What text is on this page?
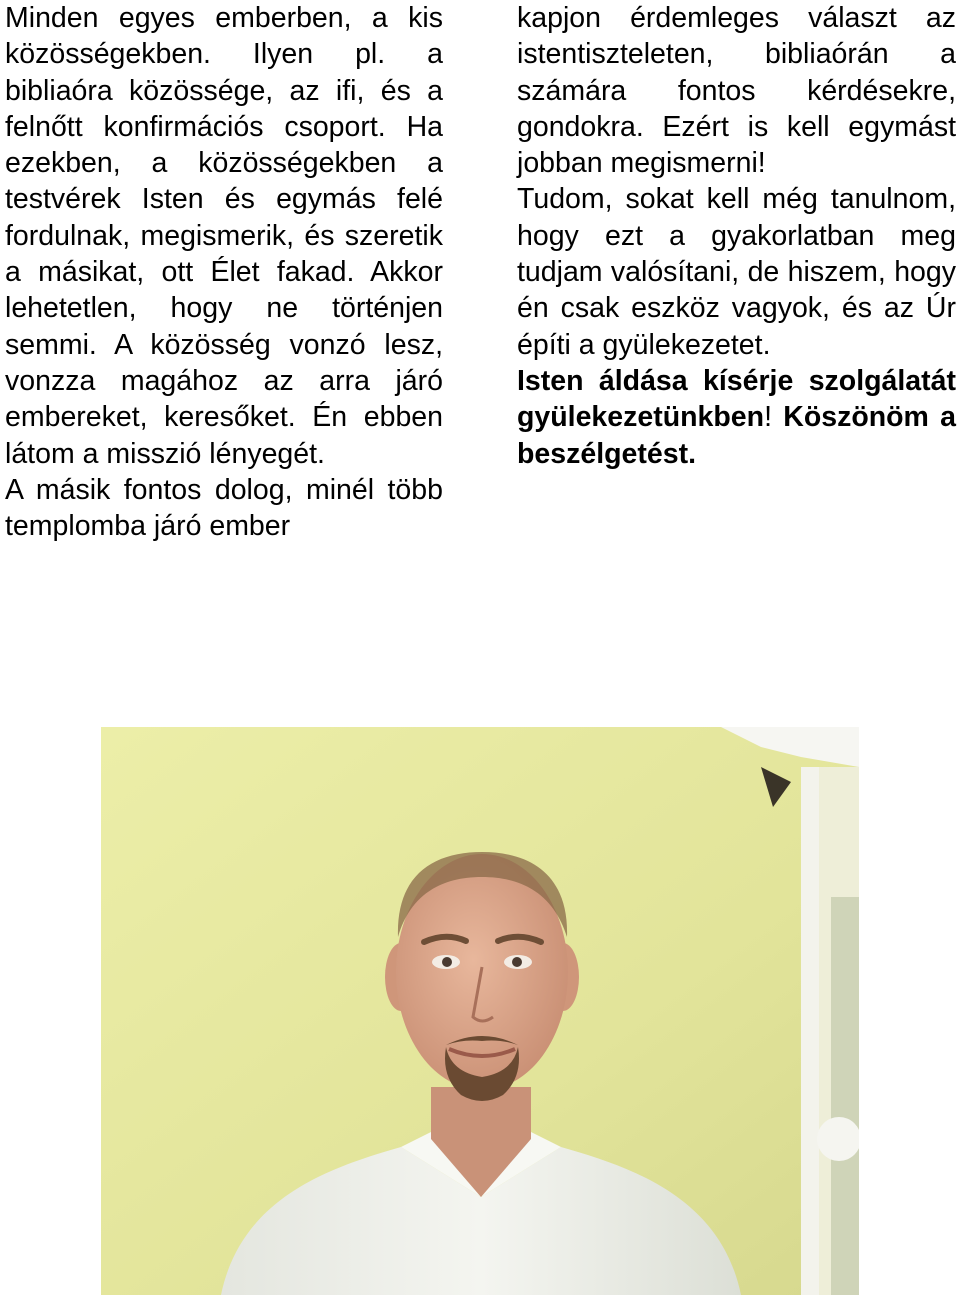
Minden egyes emberben, a kis közösségekben. Ilyen pl. a bibliaóra közössége, az ifi, és a felnőtt konfirmációs csoport. Ha ezekben, a közösségekben a testvérek Isten és egymás felé fordulnak, megismerik, és szeretik a másikat, ott Élet fakad. Akkor lehetetlen, hogy ne történjen semmi. A közösség vonzó lesz, vonzza magához az arra járó embereket, keresőket. Én ebben látom a misszió lényegét.

A másik fontos dolog, minél több templomba járó ember

kapjon érdemleges választ az istentiszteleten, bibliaórán a számára fontos kérdésekre, gondokra. Ezért is kell egymást jobban megismerni!

Tudom, sokat kell még tanulnom, hogy ezt a gyakorlatban meg tudjam valósítani, de hiszem, hogy én csak eszköz vagyok, és az Úr építi a gyülekezetet.

Isten áldása kísérje szolgálatát gyülekezetünkben! Köszönöm a beszélgetést.
